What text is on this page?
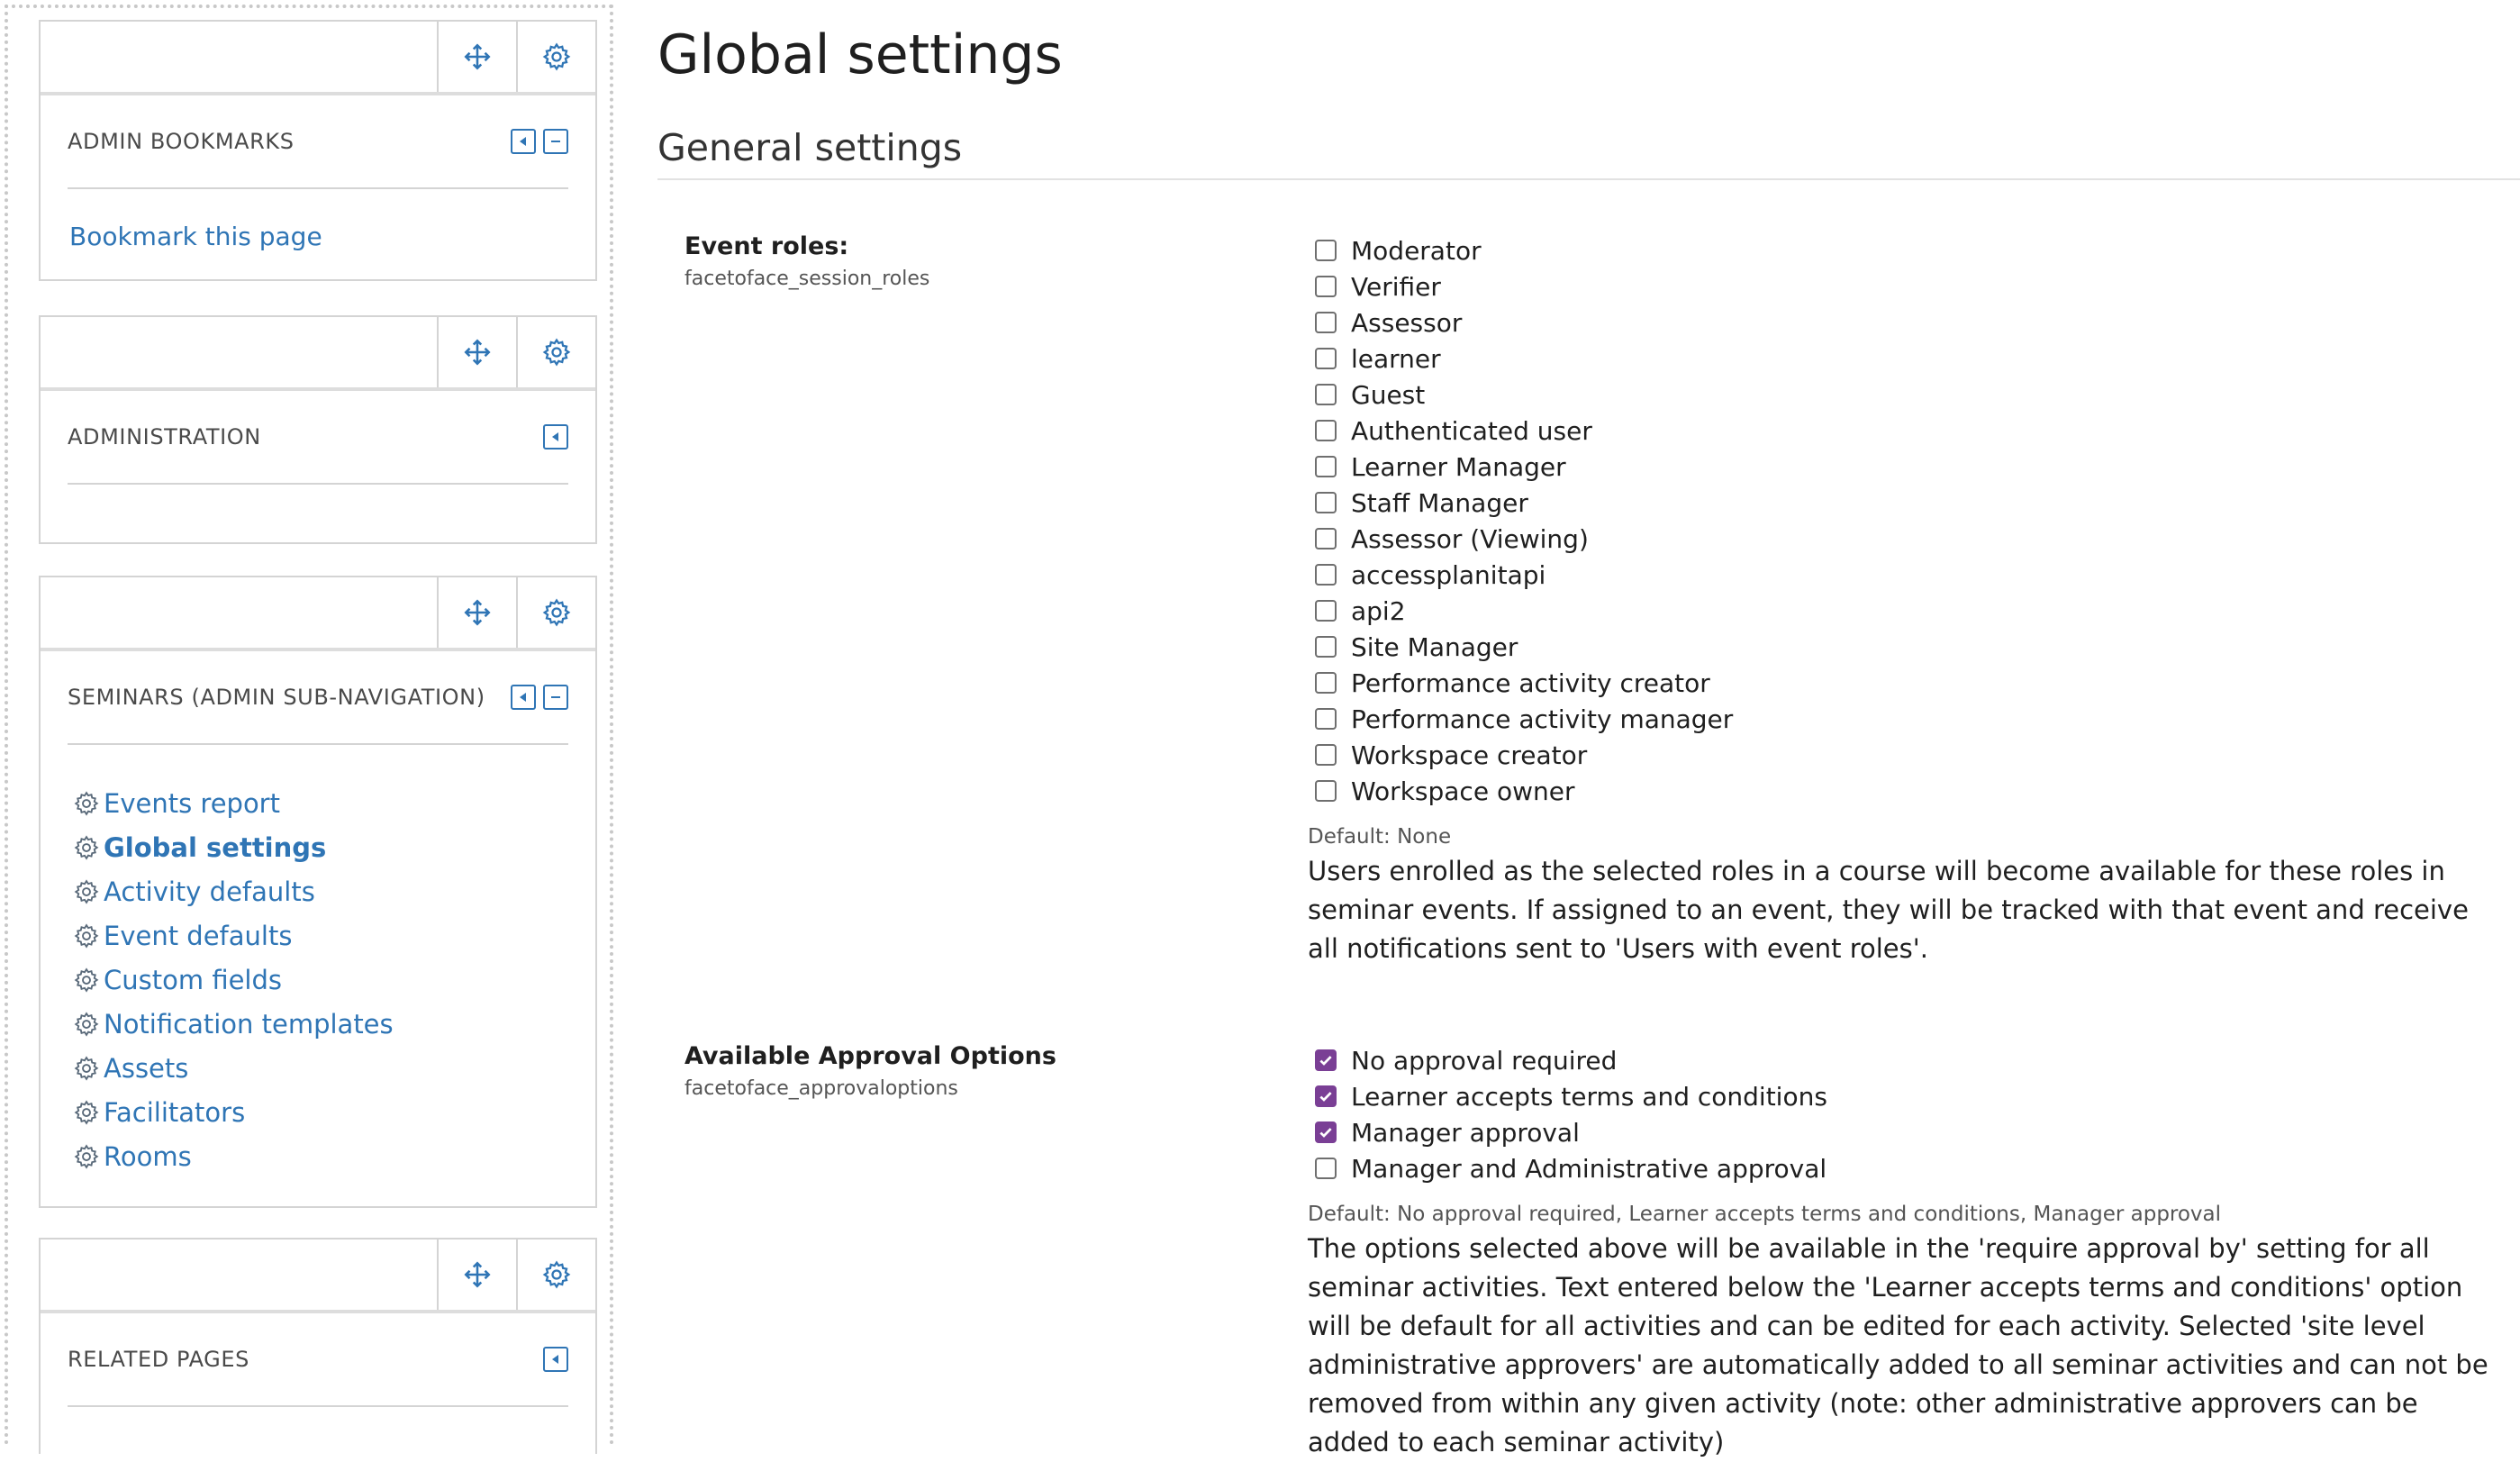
ADMIN BOOKMARKS
Bookmark this page
ADMINISTRATION
SEMINARS (ADMIN SUB-NAVIGATION)
Events report
Global settings
Activity defaults
Event defaults
Custom fields
Notification templates
Assets
Facilitators
Rooms
RELATED PAGES
Global settings
General settings
Event roles:
facetoface_session_roles
Moderator
Verifier
Assessor
learner
Guest
Authenticated user
Learner Manager
Staff Manager
Assessor (Viewing)
accessplanitapi
api2
Site Manager
Performance activity creator
Performance activity manager
Workspace creator
Workspace owner
Default: None
Users enrolled as the selected roles in a course will become available for these roles in seminar events. If assigned to an event, they will be tracked with that event and receive all notifications sent to 'Users with event roles'.
Available Approval Options
facetoface_approvaloptions
No approval required
Learner accepts terms and conditions
Manager approval
Manager and Administrative approval
Default: No approval required, Learner accepts terms and conditions, Manager approval
The options selected above will be available in the 'require approval by' setting for all seminar activities. Text entered below the 'Learner accepts terms and conditions' option will be default for all activities and can be edited for each activity. Selected 'site level administrative approvers' are automatically added to all seminar activities and can not be removed from within any given activity (note: other administrative approvers can be added to each seminar activity)
